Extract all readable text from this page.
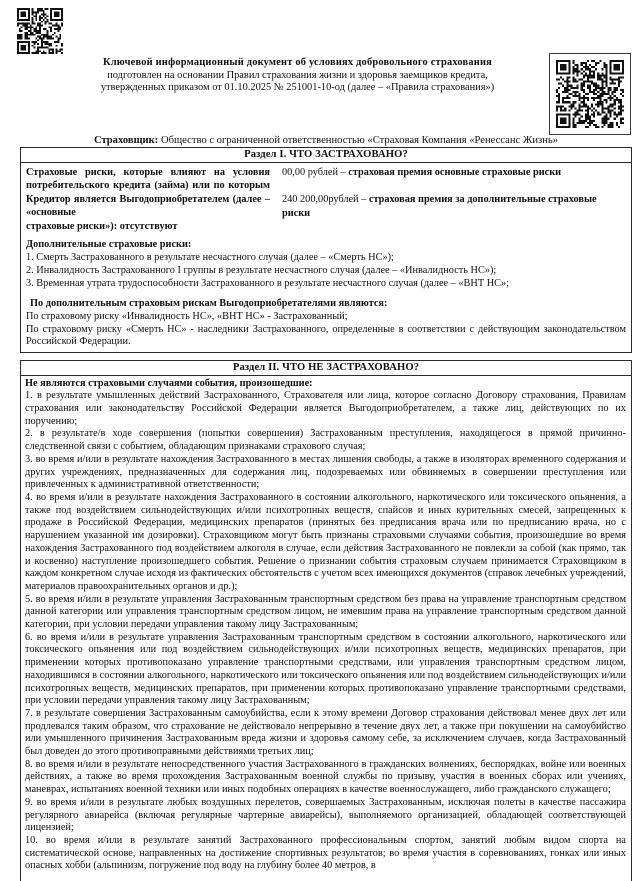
Ключевой информационный документ об условиях добровольного страхования
подготовлен на основании Правил страхования жизни и здоровья заемщиков кредита,
утвержденных приказом от 01.10.2025 № 251001-10-од (далее – «Правила страхования»)
Страховщик: Общество с ограниченной ответственностью «Страховая Компания «Ренессанс Жизнь»
Раздел I. ЧТО ЗАСТРАХОВАНО?
Страховые риски, которые влияют на условия потребительского кредита (займа) или по которым Кредитор является Выгодоприобретателем (далее – «основные
страховые риски»): отсутствуют
00,00 рублей – страховая премия основные страховые риски
240 200,00рублей – страховая премия за дополнительные страховые риски
Дополнительные страховые риски:
1. Смерть Застрахованного в результате несчастного случая (далее – «Смерть НС»);
2. Инвалидность Застрахованного I группы в результате несчастного случая (далее – «Инвалидность НС»);
3. Временная утрата трудоспособности Застрахованного в результате несчастного случая (далее – «ВНТ НС»;
По дополнительным страховым рискам Выгодоприобретателями являются:
По страховому риску «Инвалидность НС», «ВНТ НС» - Застрахованный;
По страховому риску «Смерть НС» - наследники Застрахованного, определенные в соответствии с действующим законодательством Российской Федерации.
Раздел II. ЧТО НЕ ЗАСТРАХОВАНО?
Не являются страховыми случаями события, произошедшие:

1. в результате умышленных действий Застрахованного, Страхователя или лица, которое согласно Договору страхования, Правилам страхования или законодательству Российской Федерации является Выгодоприобретателем, а также лиц, действующих по их поручению;

2. в результате/в ходе совершения (попытки совершения) Застрахованным преступления, находящегося в прямой причинно-следственной связи с событием, обладающим признаками страхового случая;

3. во время и/или в результате нахождения Застрахованного в местах лишения свободы, а также в изоляторах временного содержания и других учреждениях, предназначенных для содержания лиц, подозреваемых или обвиняемых в совершении преступления или привлеченных к административной ответственности;

4. во время и/или в результате нахождения Застрахованного в состоянии алкогольного, наркотического или токсического опьянения, а также под воздействием сильнодействующих и/или психотропных веществ, спайсов и иных курительных смесей, запрещенных к продаже в Российской Федерации, медицинских препаратов (принятых без предписания врача или по предписанию врача, но с нарушением указанной им дозировки). Страховщиком могут быть признаны страховыми случаями события, произошедшие во время нахождения Застрахованного под воздействием алкоголя в случае, если действия Застрахованного не повлекли за собой (как прямо, так и косвенно) наступление произошедшего события. Решение о признании события страховым случаем принимается Страховщиком в каждом конкретном случае исходя из фактических обстоятельств с учетом всех имеющихся документов (справок лечебных учреждений, материалов правоохранительных органов и др.);

5. во время и/или в результате управления Застрахованным транспортным средством без права на управление транспортным средством данной категории или управления транспортным средством лицом, не имевшим права на управление транспортным средством данной категории, при условии передачи управления такому лицу Застрахованным;

6. во время и/или в результате управления Застрахованным транспортным средством в состоянии алкогольного, наркотического или токсического опьянения или под воздействием сильнодействующих и/или психотропных веществ, медицинских препаратов, при применении которых противопоказано управление транспортными средствами, или управления транспортным средством лицом, находившимся в состоянии алкогольного, наркотического или токсического опьянения или под воздействием сильнодействующих и/или психотропных веществ, медицинских препаратов, при применении которых противопоказано управление транспортными средствами, при условии передачи управления такому лицу Застрахованным;

7. в результате совершения Застрахованным самоубийства, если к этому времени Договор страхования действовал менее двух лет или продлевался таким образом, что страхование не действовало непрерывно в течение двух лет, а также при покушении на самоубийство или умышленного причинения Застрахованным вреда жизни и здоровья самому себе, за исключением случаев, когда Застрахованный был доведен до этого противоправными действиями третьих лиц;

8. во время и/или в результате непосредственного участия Застрахованного в гражданских волнениях, беспорядках, войне или военных действиях, а также во время прохождения Застрахованным военной службы по призыву, участия в военных сборах или учениях, маневрах, испытаниях военной техники или иных подобных операциях в качестве военнослужащего, либо гражданского служащего;

9. во время и/или в результате любых воздушных перелетов, совершаемых Застрахованным, исключая полеты в качестве пассажира регулярного авиарейса (включая регулярные чартерные авиарейсы), выполняемого организацией, обладающей соответствующей лицензией;

10. во время и/или в результате занятий Застрахованного профессиональным спортом, занятий любым видом спорта на систематической основе, направленных на достижение спортивных результатов; во время участия в соревнованиях, гонках или иных опасных хобби (альпинизм, погружение под воду на глубину более 40 метров, в
